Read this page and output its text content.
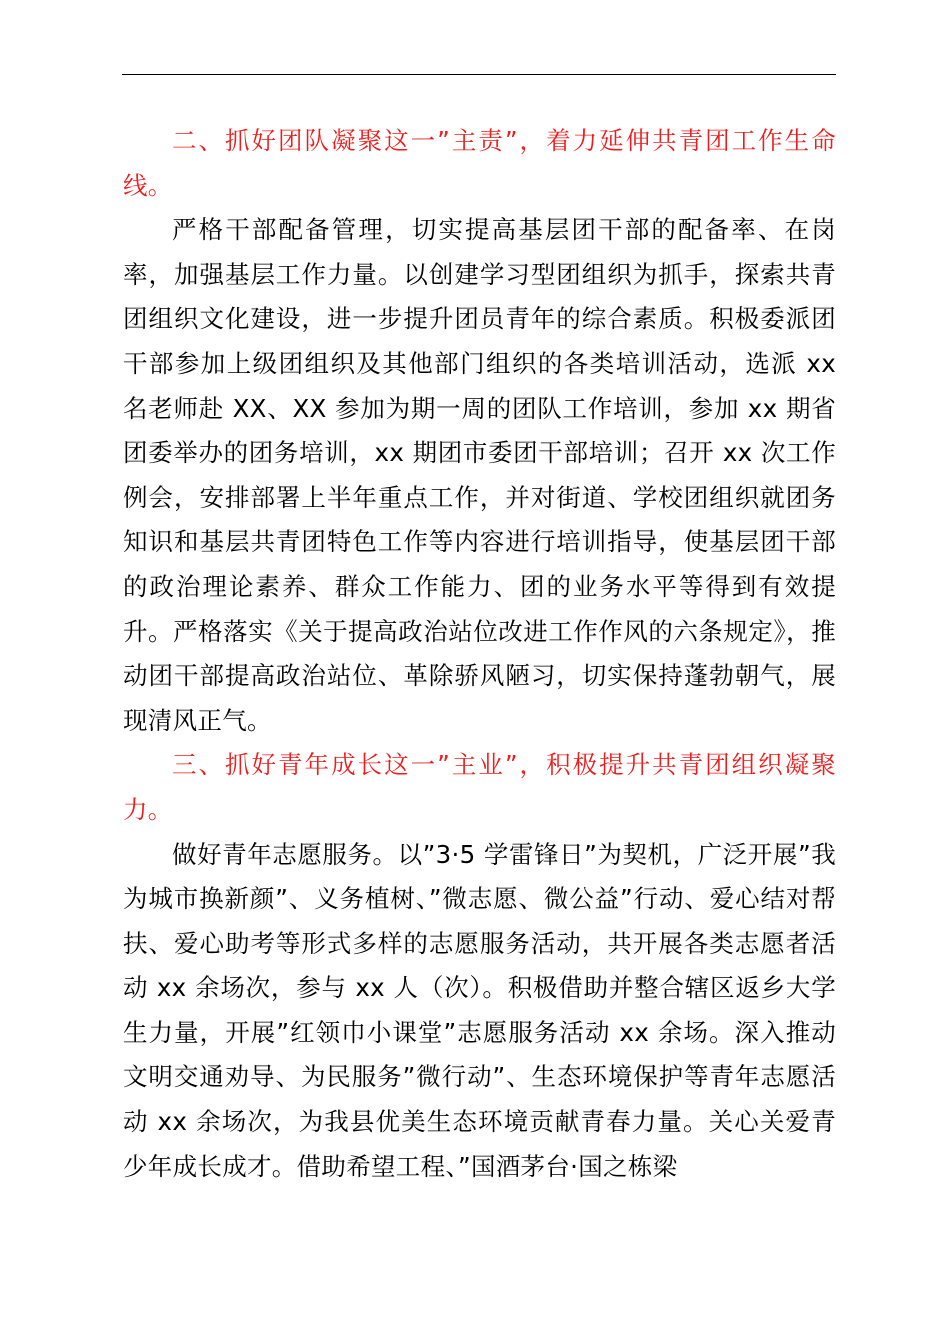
二、抓好团队凝聚这一”主责”，着力延伸共青团工作生命线。

严格干部配备管理，切实提高基层团干部的配备率、在岗率，加强基层工作力量。以创建学习型团组织为抓手，探索共青团组织文化建设，进一步提升团员青年的综合素质。积极委派团干部参加上级团组织及其他部门组织的各类培训活动，选派 xx 名老师赴 XX、XX 参加为期一周的团队工作培训，参加 xx 期省团委举办的团务培训，xx 期团市委团干部培训；召开 xx 次工作例会，安排部署上半年重点工作，并对街道、学校团组织就团务知识和基层共青团特色工作等内容进行培训指导，使基层团干部的政治理论素养、群众工作能力、团的业务水平等得到有效提升。严格落实《关于提高政治站位改进工作作风的六条规定》，推动团干部提高政治站位、革除骄风陋习，切实保持蓬勃朝气，展现清风正气。

三、抓好青年成长这一”主业”，积极提升共青团组织凝聚力。

做好青年志愿服务。以”3·5 学雷锋日”为契机，广泛开展”我为城市换新颜”、义务植树、”微志愿、微公益”行动、爱心结对帮扶、爱心助考等形式多样的志愿服务活动，共开展各类志愿者活动 xx 余场次，参与 xx 人（次）。积极借助并整合辖区返乡大学生力量，开展”红领巾小课堂”志愿服务活动 xx 余场。深入推动文明交通劝导、为民服务”微行动”、生态环境保护等青年志愿活动 xx 余场次，为我县优美生态环境贡献青春力量。关心关爱青少年成长成才。借助希望工程、”国酒茅台·国之栋梁
